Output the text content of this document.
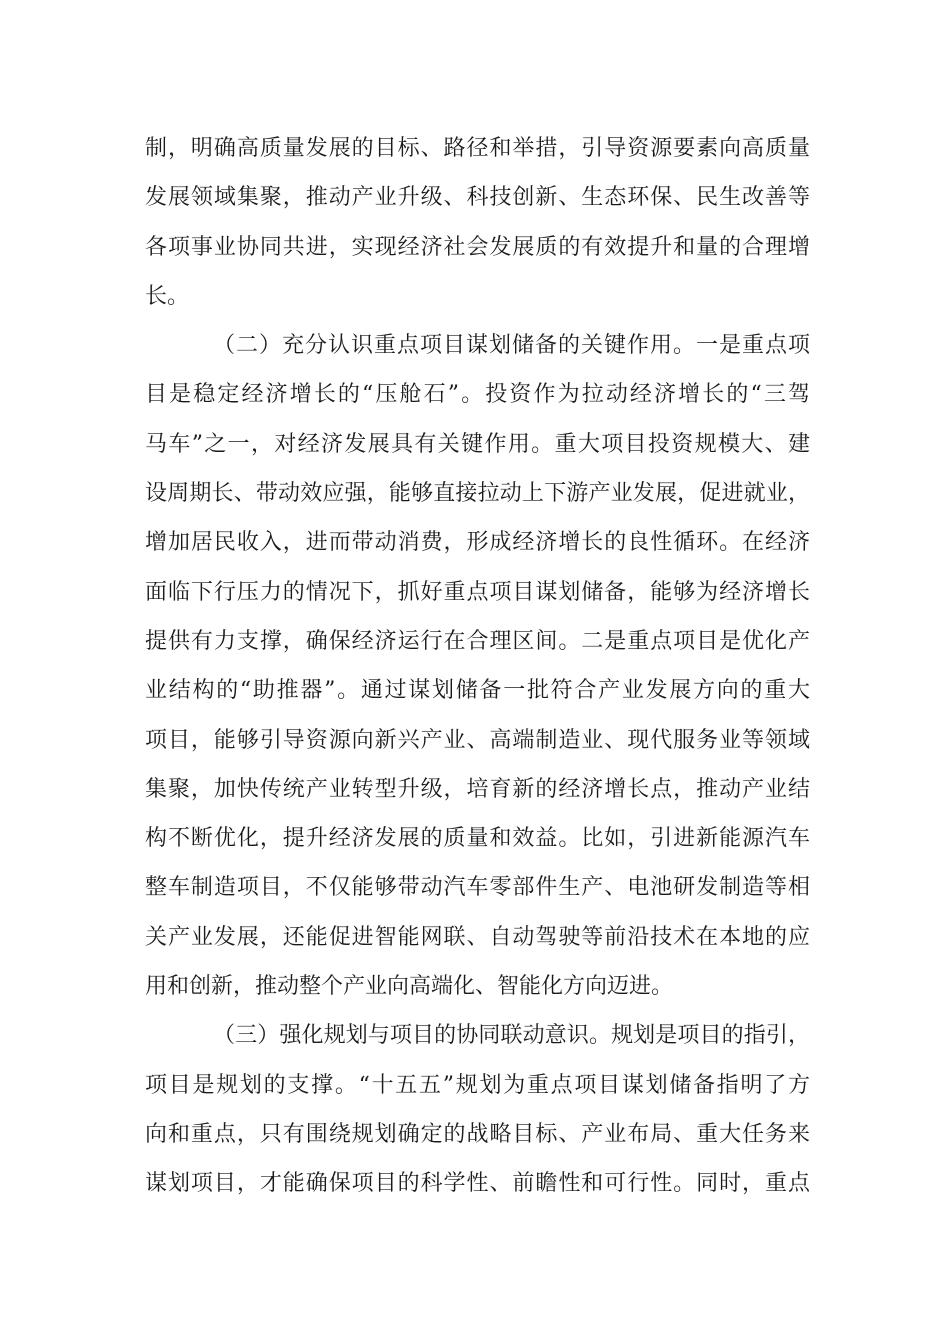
制，明确高质量发展的目标、路径和举措，引导资源要素向高质量
发展领域集聚，推动产业升级、科技创新、生态环保、民生改善等
各项事业协同共进，实现经济社会发展质的有效提升和量的合理增
长。
（二）充分认识重点项目谋划储备的关键作用。一是重点项
目是稳定经济增长的“压舱石”。投资作为拉动经济增长的“三驾
马车”之一，对经济发展具有关键作用。重大项目投资规模大、建
设周期长、带动效应强，能够直接拉动上下游产业发展，促进就业，
增加居民收入，进而带动消费，形成经济增长的良性循环。在经济
面临下行压力的情况下，抓好重点项目谋划储备，能够为经济增长
提供有力支撑，确保经济运行在合理区间。二是重点项目是优化产
业结构的“助推器”。通过谋划储备一批符合产业发展方向的重大
项目，能够引导资源向新兴产业、高端制造业、现代服务业等领域
集聚，加快传统产业转型升级，培育新的经济增长点，推动产业结
构不断优化，提升经济发展的质量和效益。比如，引进新能源汽车
整车制造项目，不仅能够带动汽车零部件生产、电池研发制造等相
关产业发展，还能促进智能网联、自动驾驶等前沿技术在本地的应
用和创新，推动整个产业向高端化、智能化方向迈进。
（三）强化规划与项目的协同联动意识。规划是项目的指引，
项目是规划的支撑。“十五五”规划为重点项目谋划储备指明了方
向和重点，只有围绕规划确定的战略目标、产业布局、重大任务来
谋划项目，才能确保项目的科学性、前瞻性和可行性。同时，重点
